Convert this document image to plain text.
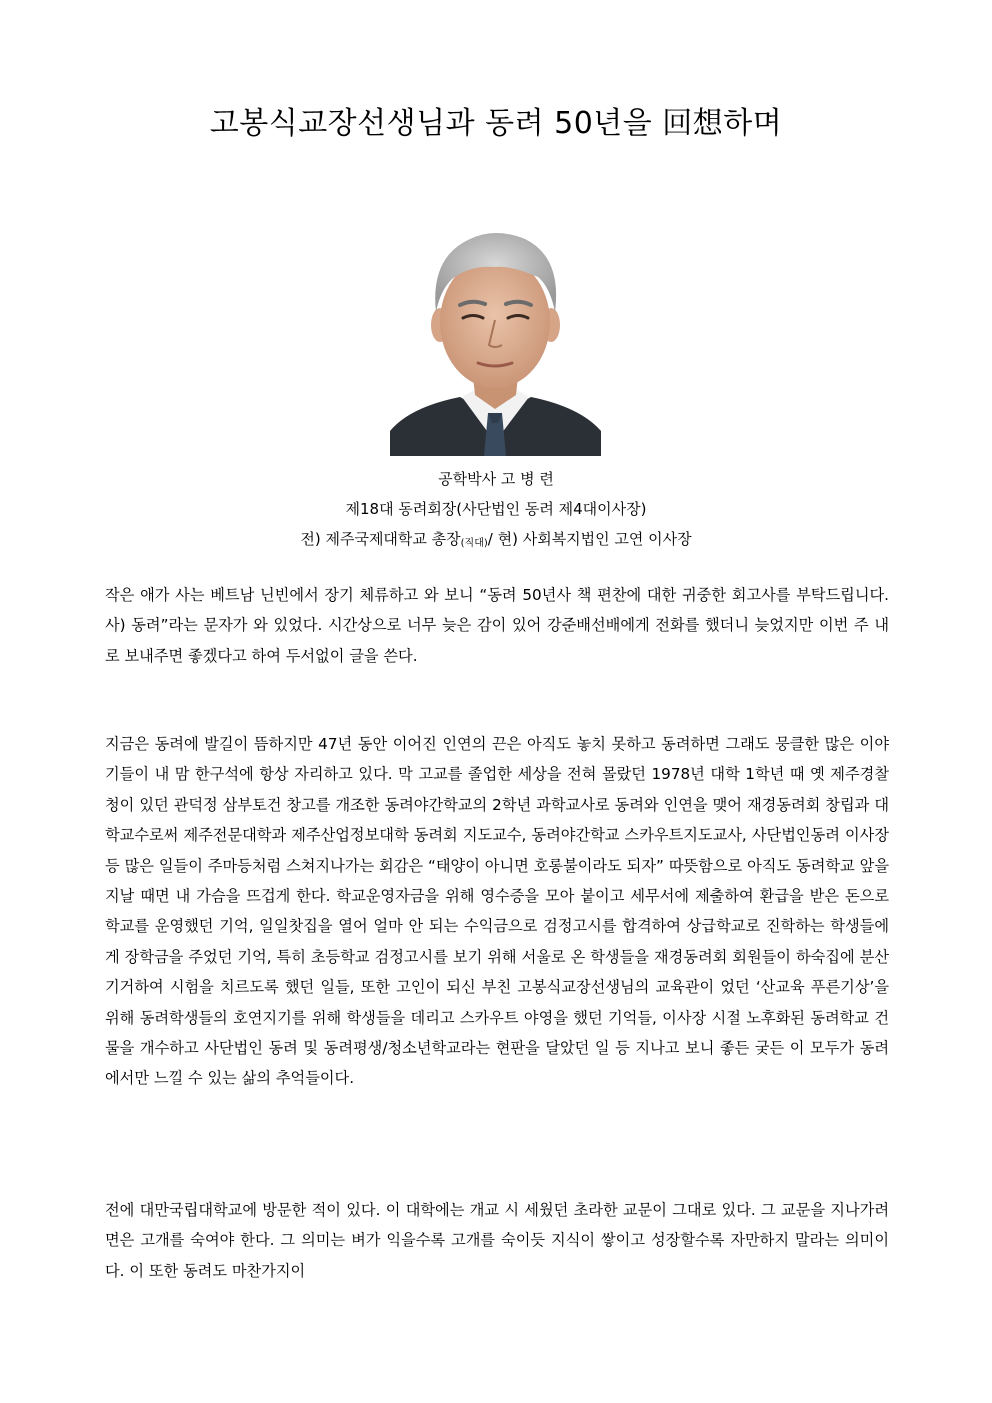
고봉식교장선생님과 동려 50년을 回想하며
공학박사 고 병 련
제18대 동려회장(사단법인 동려 제4대이사장)
전) 제주국제대학교 총장$_{(직대)}$/ 현) 사회복지법인 고연 이사장

작은 애가 사는 베트남 닌빈에서 장기 체류하고 와 보니 “동려 50년사 책 편찬에 대한 귀중한 회고사를 부탁드립니다. 사) 동려”라는 문자가 와 있었다. 시간상으로 너무 늦은 감이 있어 강준배선배에게 전화를 했더니 늦었지만 이번 주 내로 보내주면 좋겠다고 하여 두서없이 글을 쓴다.

지금은 동려에 발길이 뜸하지만 47년 동안 이어진 인연의 끈은 아직도 놓치 못하고 동려하면 그래도 뭉클한 많은 이야기들이 내 맘 한구석에 항상 자리하고 있다. 막 고교를 졸업한 세상을 전혀 몰랐던 1978년 대학 1학년 때 옛 제주경찰청이 있던 관덕정 삼부토건 창고를 개조한 동려야간학교의 2학년 과학교사로 동려와 인연을 맺어 재경동려회 창립과 대학교수로써 제주전문대학과 제주산업정보대학 동려회 지도교수, 동려야간학교 스카우트지도교사, 사단법인동려 이사장 등 많은 일들이 주마등처럼 스쳐지나가는 회감은 “태양이 아니면 호롱불이라도 되자” 따뜻함으로 아직도 동려학교 앞을 지날 때면 내 가슴을 뜨겁게 한다. 학교운영자금을 위해 영수증을 모아 붙이고 세무서에 제출하여 환급을 받은 돈으로 학교를 운영했던 기억, 일일찻집을 열어 얼마 안 되는 수익금으로 검정고시를 합격하여 상급학교로 진학하는 학생들에게 장학금을 주었던 기억, 특히 초등학교 검정고시를 보기 위해 서울로 온 학생들을 재경동려회 회원들이 하숙집에 분산 기거하여 시험을 치르도록 했던 일들, 또한 고인이 되신 부친 고봉식교장선생님의 교육관이 었던 ‘산교육 푸른기상’을 위해 동려학생들의 호연지기를 위해 학생들을 데리고 스카우트 야영을 했던 기억들, 이사장 시절 노후화된 동려학교 건물을 개수하고 사단법인 동려 및 동려평생/청소년학교라는 현판을 달았던 일 등 지나고 보니 좋든 궂든 이 모두가 동려에서만 느낄 수 있는 삶의 추억들이다.

전에 대만국립대학교에 방문한 적이 있다. 이 대학에는 개교 시 세웠던 초라한 교문이 그대로 있다. 그 교문을 지나가려면은 고개를 숙여야 한다. 그 의미는 벼가 익을수록 고개를 숙이듯 지식이 쌓이고 성장할수록 자만하지 말라는 의미이다. 이 또한 동려도 마찬가지이
